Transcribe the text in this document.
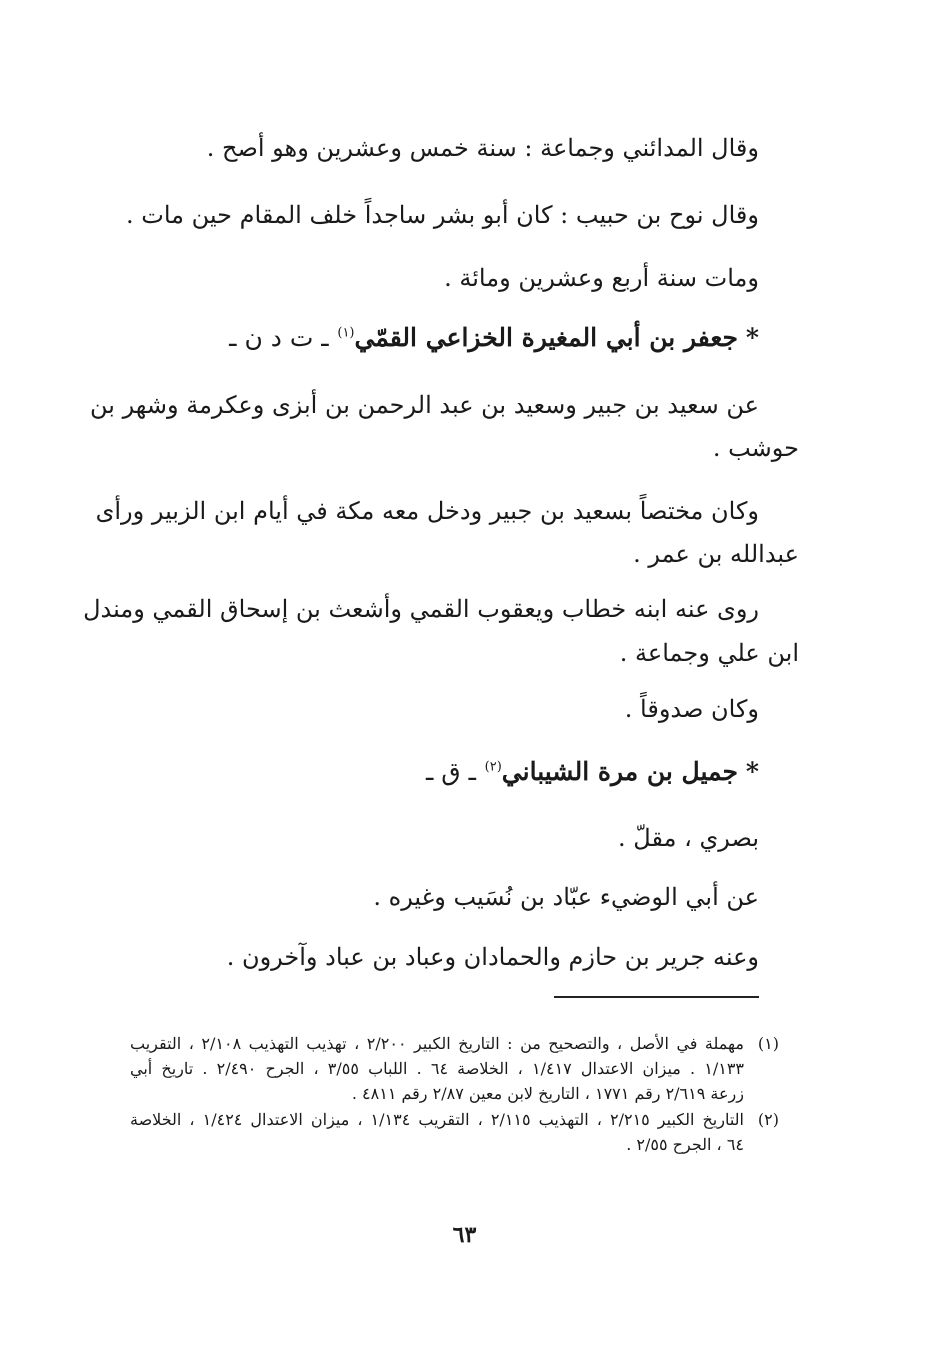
وقال المدائني وجماعة : سنة خمس وعشرين وهو أصح .
وقال نوح بن حبيب : كان أبو بشر ساجداً خلف المقام حين مات .
ومات سنة أربع وعشرين ومائة .
*جعفر بن أبي المغيرة الخزاعي القمّي$^{(١)}$ ـ ت د ن ـ
عن سعيد بن جبير وسعيد بن عبد الرحمن بن أبزى وعكرمة وشهر بن
حوشب .
وكان مختصاً بسعيد بن جبير ودخل معه مكة في أيام ابن الزبير ورأى
عبدالله بن عمر .
روى عنه ابنه خطاب ويعقوب القمي وأشعث بن إسحاق القمي ومندل
ابن علي وجماعة .
وكان صدوقاً .
*جميل بن مرة الشيباني$^{(٢)}$ ـ ق ـ
بصري ، مقلّ .
عن أبي الوضيء عبّاد بن نُسَيب وغيره .
وعنه جرير بن حازم والحمادان وعباد بن عباد وآخرون .
(١)
مهملة في الأصل ، والتصحيح من : التاريخ الكبير ٢/٢٠٠ ، تهذيب التهذيب ٢/١٠٨ ، التقريب
١/١٣٣ . ميزان الاعتدال ١/٤١٧ ، الخلاصة ٦٤ . اللباب ٣/٥٥ ، الجرح ٢/٤٩٠ . تاريخ أبي
زرعة ٢/٦١٩ رقم ١٧٧١ ، التاريخ لابن معين ٢/٨٧ رقم ٤٨١١ .
(٢)
التاريخ الكبير ٢/٢١٥ ، التهذيب ٢/١١٥ ، التقريب ١/١٣٤ ، ميزان الاعتدال ١/٤٢٤ ، الخلاصة
٦٤ ، الجرح ٢/٥٥ .
٦٣
